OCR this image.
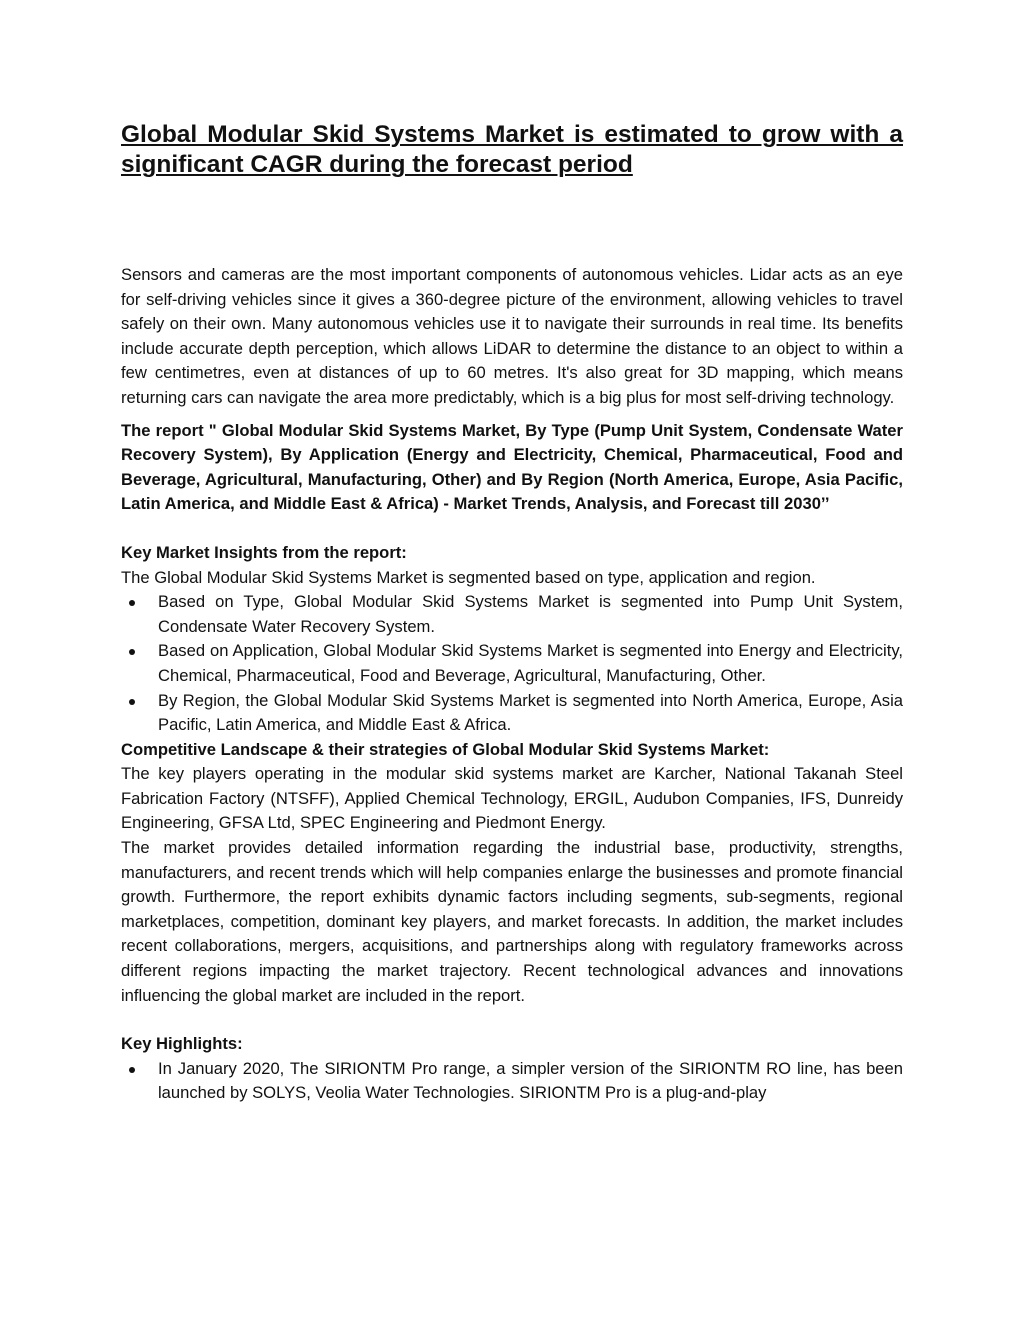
Global Modular Skid Systems Market is estimated to grow with a significant CAGR during the forecast period

Sensors and cameras are the most important components of autonomous vehicles. Lidar acts as an eye for self-driving vehicles since it gives a 360-degree picture of the environment, allowing vehicles to travel safely on their own. Many autonomous vehicles use it to navigate their surrounds in real time. Its benefits include accurate depth perception, which allows LiDAR to determine the distance to an object to within a few centimetres, even at distances of up to 60 metres. It's also great for 3D mapping, which means returning cars can navigate the area more predictably, which is a big plus for most self-driving technology.

The report " Global Modular Skid Systems Market, By Type (Pump Unit System, Condensate Water Recovery System), By Application (Energy and Electricity, Chemical, Pharmaceutical, Food and Beverage, Agricultural, Manufacturing, Other) and By Region (North America, Europe, Asia Pacific, Latin America, and Middle East & Africa) - Market Trends, Analysis, and Forecast till 2030’’

Key Market Insights from the report:

The Global Modular Skid Systems Market is segmented based on type, application and region.

Based on Type, Global Modular Skid Systems Market is segmented into Pump Unit System, Condensate Water Recovery System.
Based on Application, Global Modular Skid Systems Market is segmented into Energy and Electricity, Chemical, Pharmaceutical, Food and Beverage, Agricultural, Manufacturing, Other.
By Region, the Global Modular Skid Systems Market is segmented into North America, Europe, Asia Pacific, Latin America, and Middle East & Africa.

Competitive Landscape & their strategies of Global Modular Skid Systems Market:

The key players operating in the modular skid systems market are Karcher, National Takanah Steel Fabrication Factory (NTSFF), Applied Chemical Technology, ERGIL, Audubon Companies, IFS, Dunreidy Engineering, GFSA Ltd, SPEC Engineering and Piedmont Energy.

The market provides detailed information regarding the industrial base, productivity, strengths, manufacturers, and recent trends which will help companies enlarge the businesses and promote financial growth. Furthermore, the report exhibits dynamic factors including segments, sub-segments, regional marketplaces, competition, dominant key players, and market forecasts. In addition, the market includes recent collaborations, mergers, acquisitions, and partnerships along with regulatory frameworks across different regions impacting the market trajectory. Recent technological advances and innovations influencing the global market are included in the report.

Key Highlights:

In January 2020, The SIRIONTM Pro range, a simpler version of the SIRIONTM RO line, has been launched by SOLYS, Veolia Water Technologies. SIRIONTM Pro is a plug-and-play
